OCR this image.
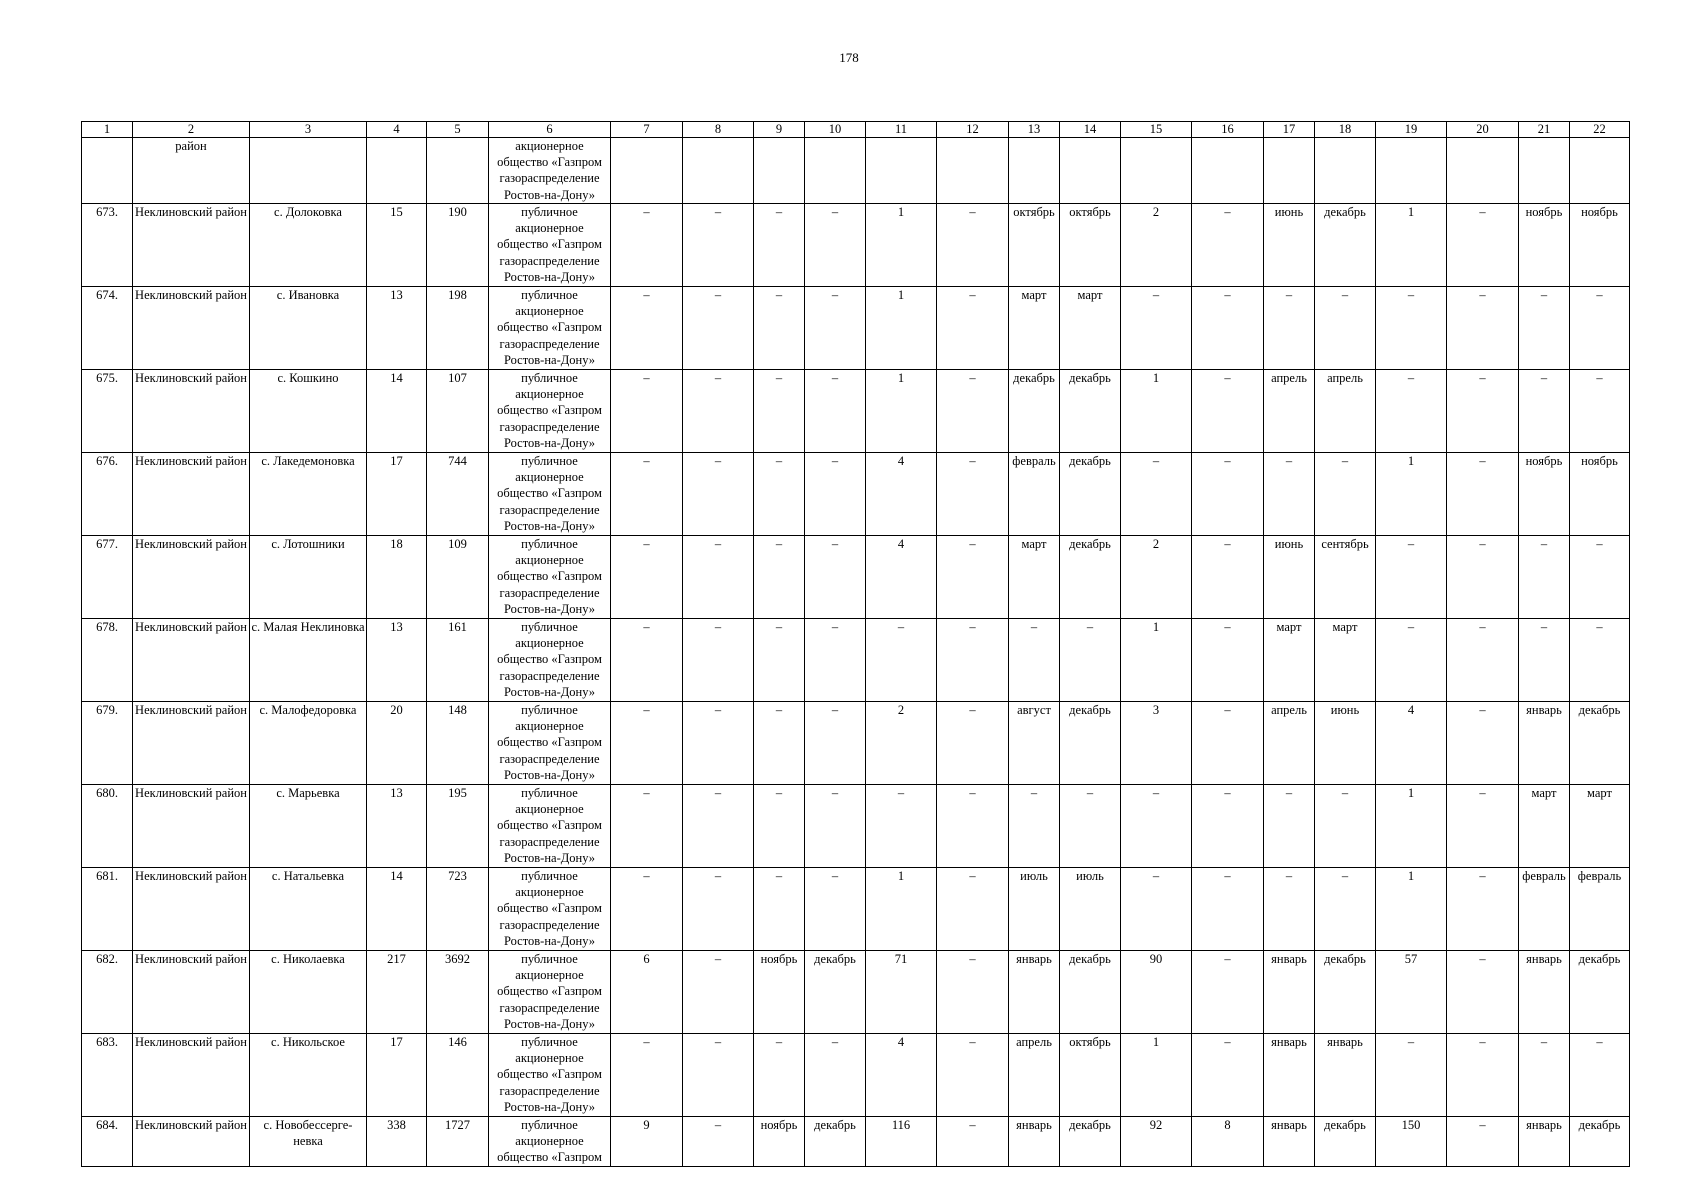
178
1	2	3	4	5	6	7	8	9	10	11	12	13	14	15	16	17	18	19	20	21	22
	район				акционерное общество «Газпром газораспределение Ростов-на-Дону»																
673.	Неклиновский район	с. Долоковка	15	190	публичное акционерное общество «Газпром газораспределение Ростов-на-Дону»	–	–	–	–	1	–	октябрь	октябрь	2	–	июнь	декабрь	1	–	ноябрь	ноябрь
674.	Неклиновский район	с. Ивановка	13	198	публичное акционерное общество «Газпром газораспределение Ростов-на-Дону»	–	–	–	–	1	–	март	март	–	–	–	–	–	–	–	–
675.	Неклиновский район	с. Кошкино	14	107	публичное акционерное общество «Газпром газораспределение Ростов-на-Дону»	–	–	–	–	1	–	декабрь	декабрь	1	–	апрель	апрель	–	–	–	–
676.	Неклиновский район	с. Лакедемоновка	17	744	публичное акционерное общество «Газпром газораспределение Ростов-на-Дону»	–	–	–	–	4	–	февраль	декабрь	–	–	–	–	1	–	ноябрь	ноябрь
677.	Неклиновский район	с. Лотошники	18	109	публичное акционерное общество «Газпром газораспределение Ростов-на-Дону»	–	–	–	–	4	–	март	декабрь	2	–	июнь	сентябрь	–	–	–	–
678.	Неклиновский район	с. Малая Неклиновка	13	161	публичное акционерное общество «Газпром газораспределение Ростов-на-Дону»	–	–	–	–	–	–	–	–	1	–	март	март	–	–	–	–
679.	Неклиновский район	с. Малофедоровка	20	148	публичное акционерное общество «Газпром газораспределение Ростов-на-Дону»	–	–	–	–	2	–	август	декабрь	3	–	апрель	июнь	4	–	январь	декабрь
680.	Неклиновский район	с. Марьевка	13	195	публичное акционерное общество «Газпром газораспределение Ростов-на-Дону»	–	–	–	–	–	–	–	–	–	–	–	–	1	–	март	март
681.	Неклиновский район	с. Натальевка	14	723	публичное акционерное общество «Газпром газораспределение Ростов-на-Дону»	–	–	–	–	1	–	июль	июль	–	–	–	–	1	–	февраль	февраль
682.	Неклиновский район	с. Николаевка	217	3692	публичное акционерное общество «Газпром газораспределение Ростов-на-Дону»	6	–	ноябрь	декабрь	71	–	январь	декабрь	90	–	январь	декабрь	57	–	январь	декабрь
683.	Неклиновский район	с. Никольское	17	146	публичное акционерное общество «Газпром газораспределение Ростов-на-Дону»	–	–	–	–	4	–	апрель	октябрь	1	–	январь	январь	–	–	–	–
684.	Неклиновский район	с. Новобессерге-невка	338	1727	публичное акционерное общество «Газпром	9	–	ноябрь	декабрь	116	–	январь	декабрь	92	8	январь	декабрь	150	–	январь	декабрь
